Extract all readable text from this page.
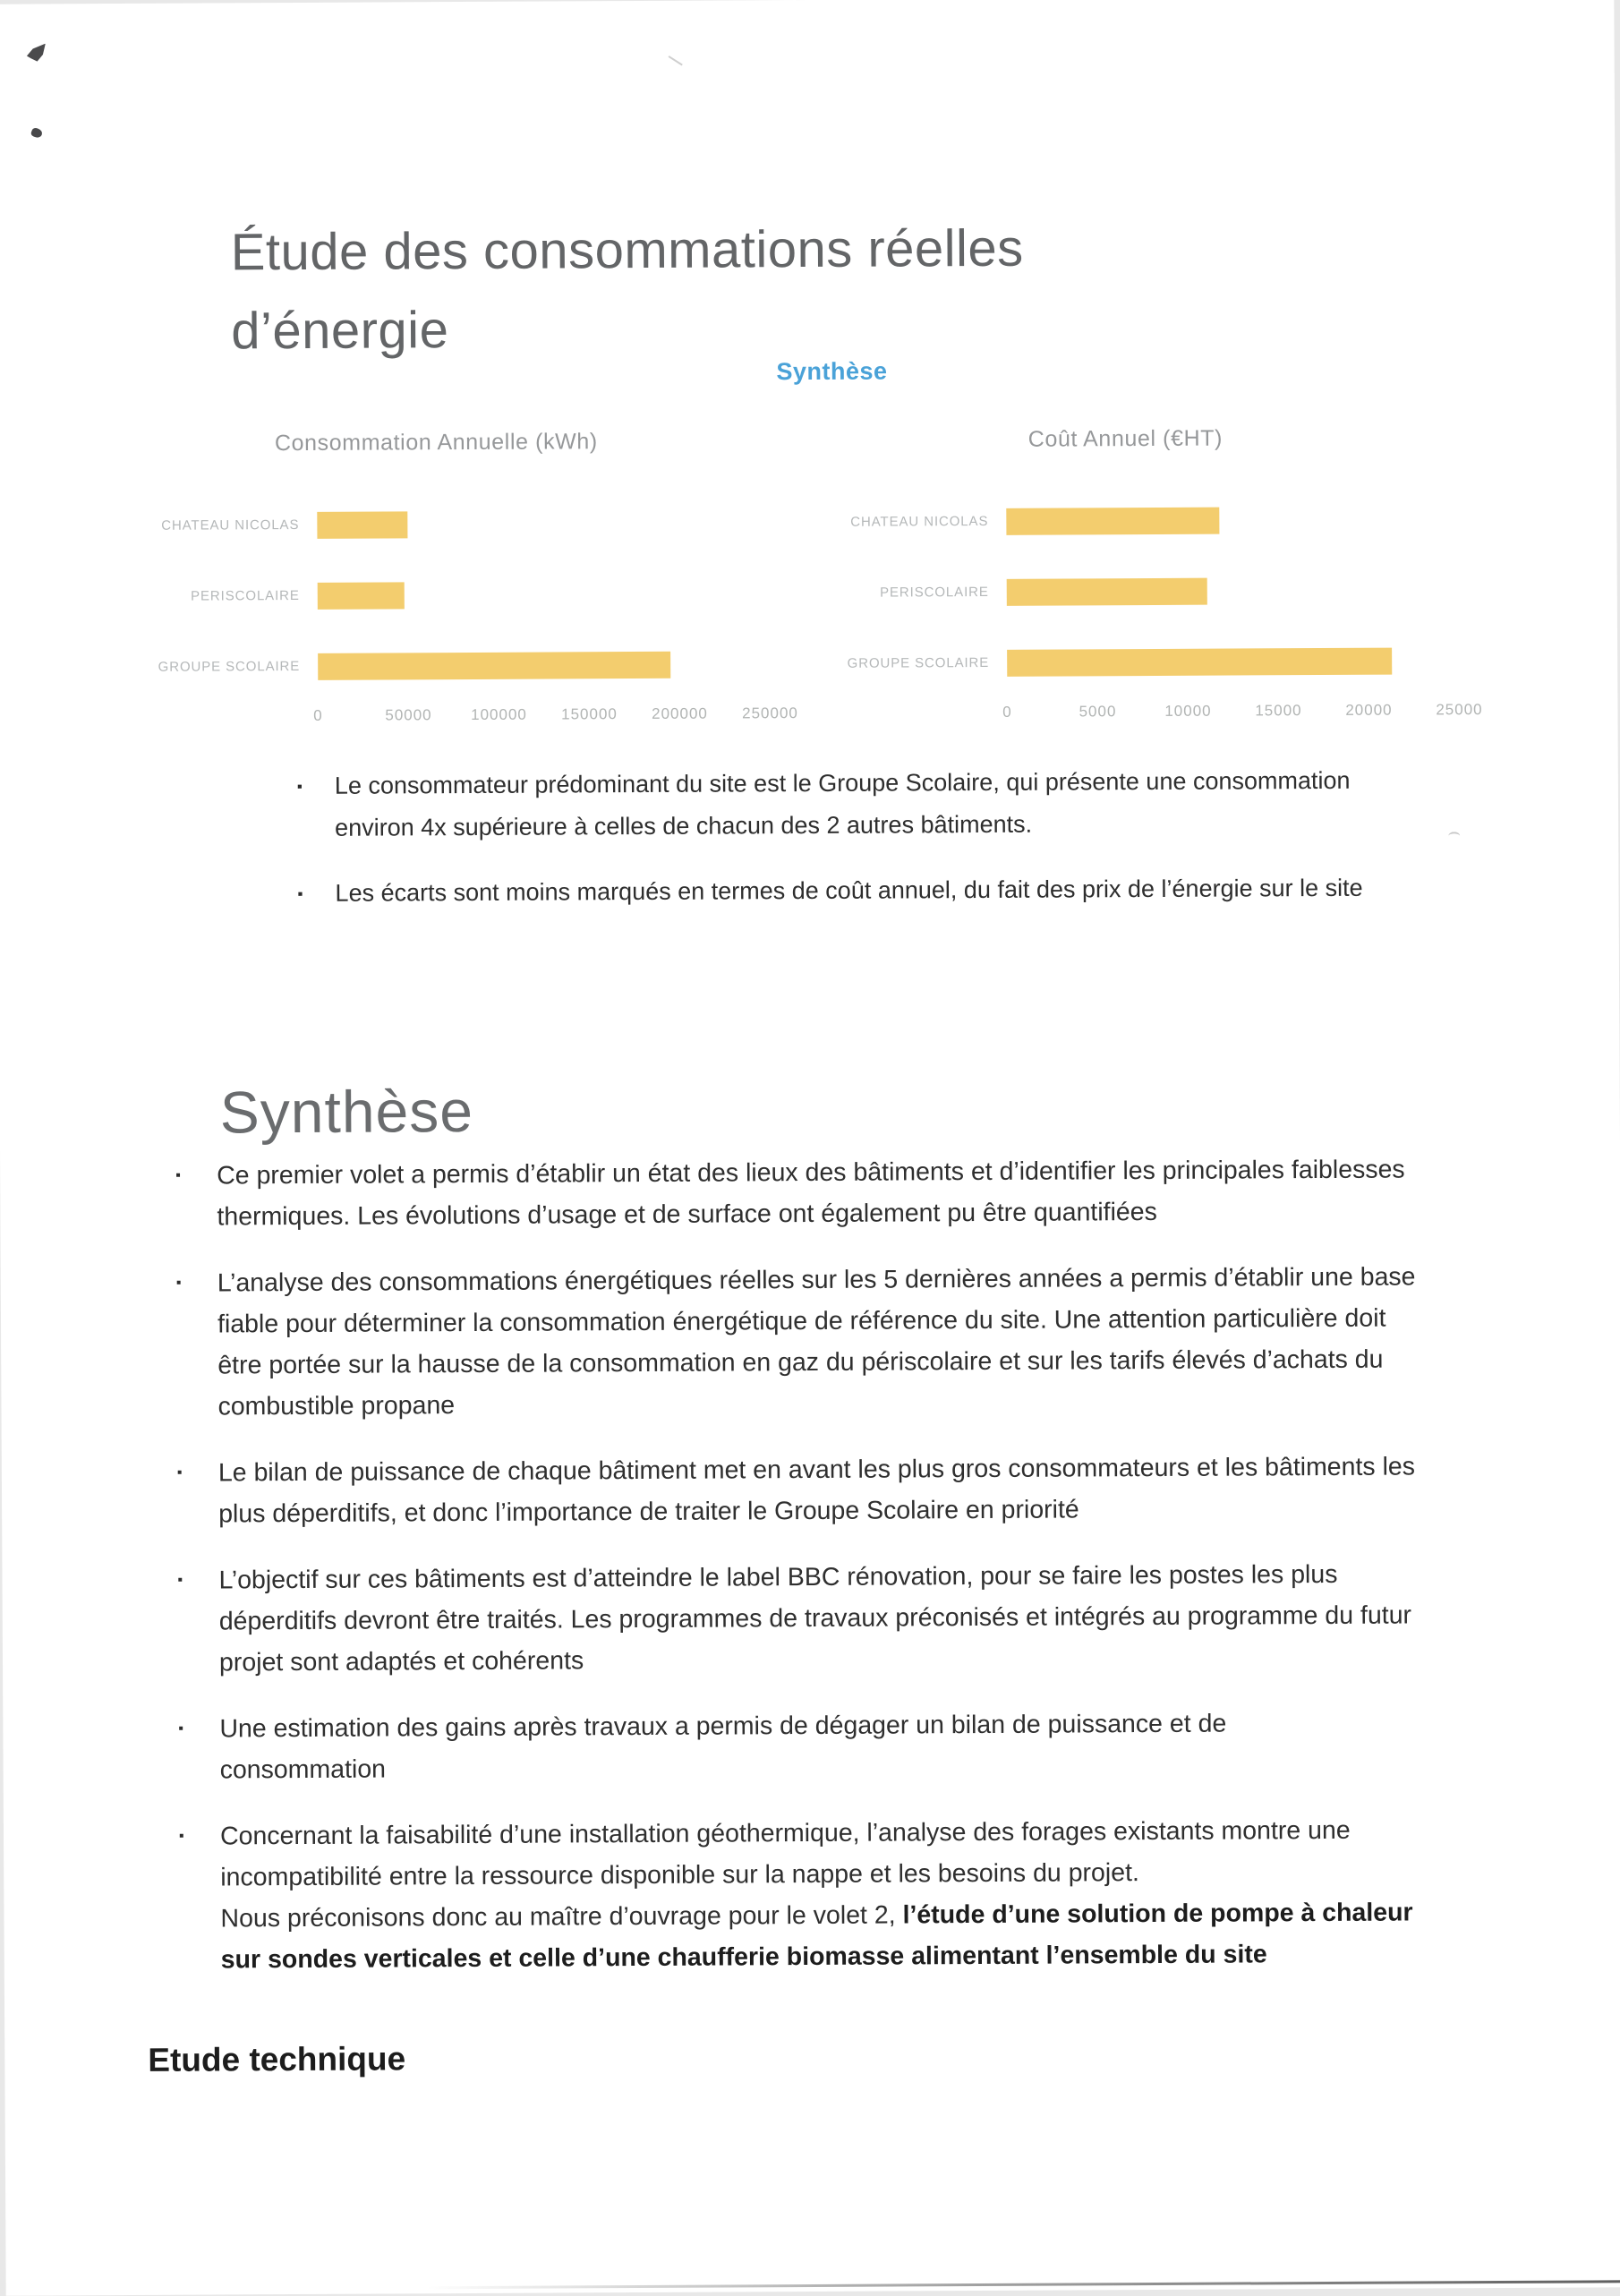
Étude des consommations réelles
d’énergie
Synthèse
Consommation Annuelle (kWh)
CHATEAU NICOLAS
PERISCOLAIRE
GROUPE SCOLAIRE
0	50000	100000 150000 200000 250000
Coût Annuel (€HT)
CHATEAU NICOLAS
PERISCOLAIRE
GROUPE SCOLAIRE
0	5000	10000	15000	20000	25000
▪ Le consommateur prédominant du site est le Groupe Scolaire, qui présente une consommation environ 4x supérieure à celles de chacun des 2 autres bâtiments.
▪ Les écarts sont moins marqués en termes de coût annuel, du fait des prix de l’énergie sur le site
Synthèse
▪ Ce premier volet a permis d’établir un état des lieux des bâtiments et d’identifier les principales faiblesses thermiques. Les évolutions d’usage et de surface ont également pu être quantifiées
▪ L’analyse des consommations énergétiques réelles sur les 5 dernières années a permis d’établir une base fiable pour déterminer la consommation énergétique de référence du site. Une attention particulière doit être portée sur la hausse de la consommation en gaz du périscolaire et sur les tarifs élevés d’achats du combustible propane
▪ Le bilan de puissance de chaque bâtiment met en avant les plus gros consommateurs et les bâtiments les plus déperditifs, et donc l’importance de traiter le Groupe Scolaire en priorité
▪ L’objectif sur ces bâtiments est d’atteindre le label BBC rénovation, pour se faire les postes les plus déperditifs devront être traités. Les programmes de travaux préconisés et intégrés au programme du futur projet sont adaptés et cohérents
▪ Une estimation des gains après travaux a permis de dégager un bilan de puissance et de
consommation
▪ Concernant la faisabilité d’une installation géothermique, l’analyse des forages existants montre une incompatibilité entre la ressource disponible sur la nappe et les besoins du projet.
Nous préconisons donc au maître d’ouvrage pour le volet 2, l’étude d’une solution de pompe à chaleur sur sondes verticales et celle d’une chaufferie biomasse alimentant l’ensemble du site
Etude technique
